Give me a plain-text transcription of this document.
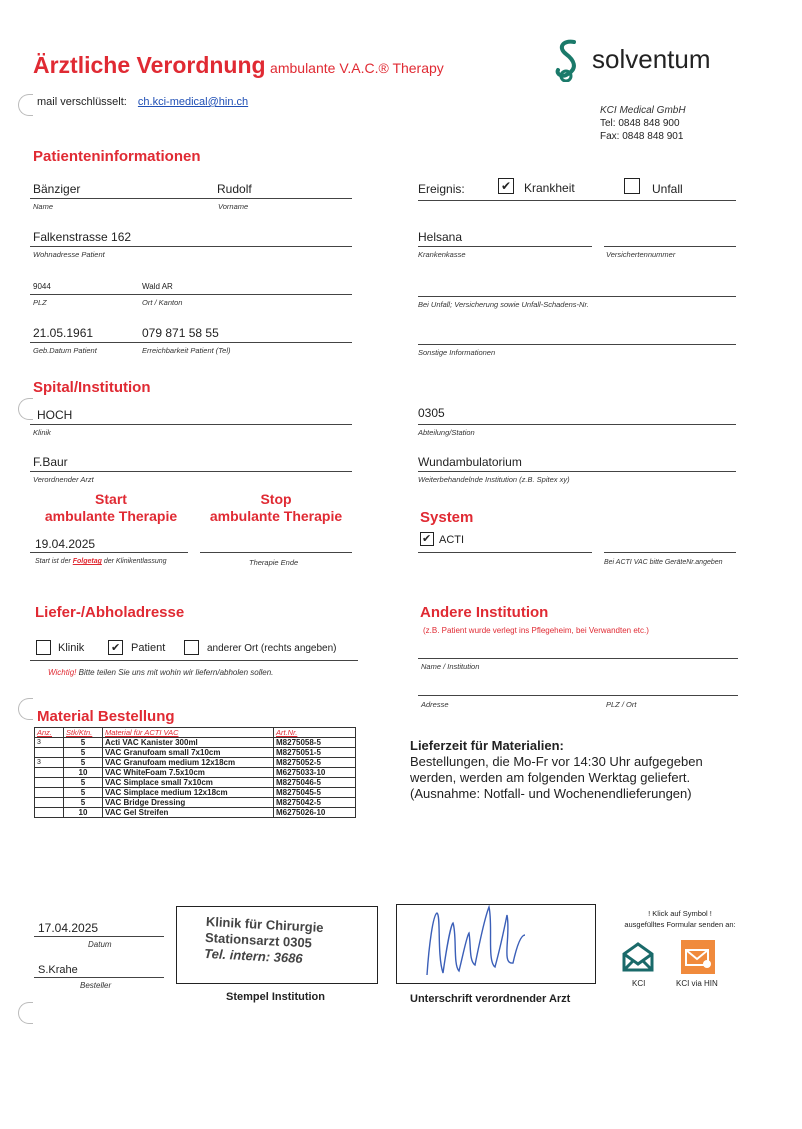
Ärztliche Verordnung ambulante V.A.C.® Therapy
mail verschlüsselt: ch.kci-medical@hin.ch
solventum
KCI Medical GmbH
Tel: 0848 848 900
Fax: 0848 848 901
Patienteninformationen
Bänziger	Rudolf
Name	Vorname
Falkenstrasse 162
Wohnadresse Patient
9044	Wald AR
PLZ	Ort / Kanton
21.05.1961	079 871 58 55
Geb.Datum Patient	Erreichbarkeit Patient (Tel)
Ereignis:	✔ Krankheit	Unfall
Helsana
Krankenkasse	Versichertennummer
Bei Unfall; Versicherung sowie Unfall-Schadens-Nr.
Sonstige Informationen
Spital/Institution
HOCH
Klinik
0305
Abteilung/Station
F.Baur
Verordnender Arzt
Wundambulatorium
Weiterbehandelnde Institution (z.B. Spitex xy)
Start
ambulante Therapie
Stop
ambulante Therapie
19.04.2025
Start ist der Folgetag der Klinikentlassung	Therapie Ende
System
✔ ACTI
Bei ACTI VAC bitte GeräteNr.angeben
Liefer-/Abholadresse
Klinik ✔ Patient	anderer Ort (rechts angeben)
Wichtig! Bitte teilen Sie uns mit wohin wir liefern/abholen sollen.
Andere Institution
(z.B. Patient wurde verlegt ins Pflegeheim, bei Verwandten etc.)
Name / Institution
Adresse	PLZ / Ort
Material Bestellung
Anz.	Stk/Ktn.	Material für ACTI VAC	Art.Nr.
3	5	Acti VAC Kanister 300ml	M8275058-5
	5	VAC Granufoam small 7x10cm	M8275051-5
3	5	VAC Granufoam medium 12x18cm	M8275052-5
	10	VAC WhiteFoam 7.5x10cm	M6275033-10
	5	VAC Simplace small 7x10cm	M8275046-5
	5	VAC Simplace medium 12x18cm	M8275045-5
	5	VAC Bridge Dressing	M8275042-5
	10	VAC Gel Streifen	M6275026-10
Lieferzeit für Materialien:
Bestellungen, die Mo-Fr vor 14:30 Uhr aufgegeben
werden, werden am folgenden Werktag geliefert.
(Ausnahme: Notfall- und Wochenendlieferungen)
17.04.2025
Datum
S.Krahe
Besteller
Klinik für Chirurgie
Stationsarzt 0305
Tel. intern: 3686
Stempel Institution	Unterschrift verordnender Arzt
! Klick auf Symbol !
ausgefülltes Formular senden an:
KCI	KCI via HIN
